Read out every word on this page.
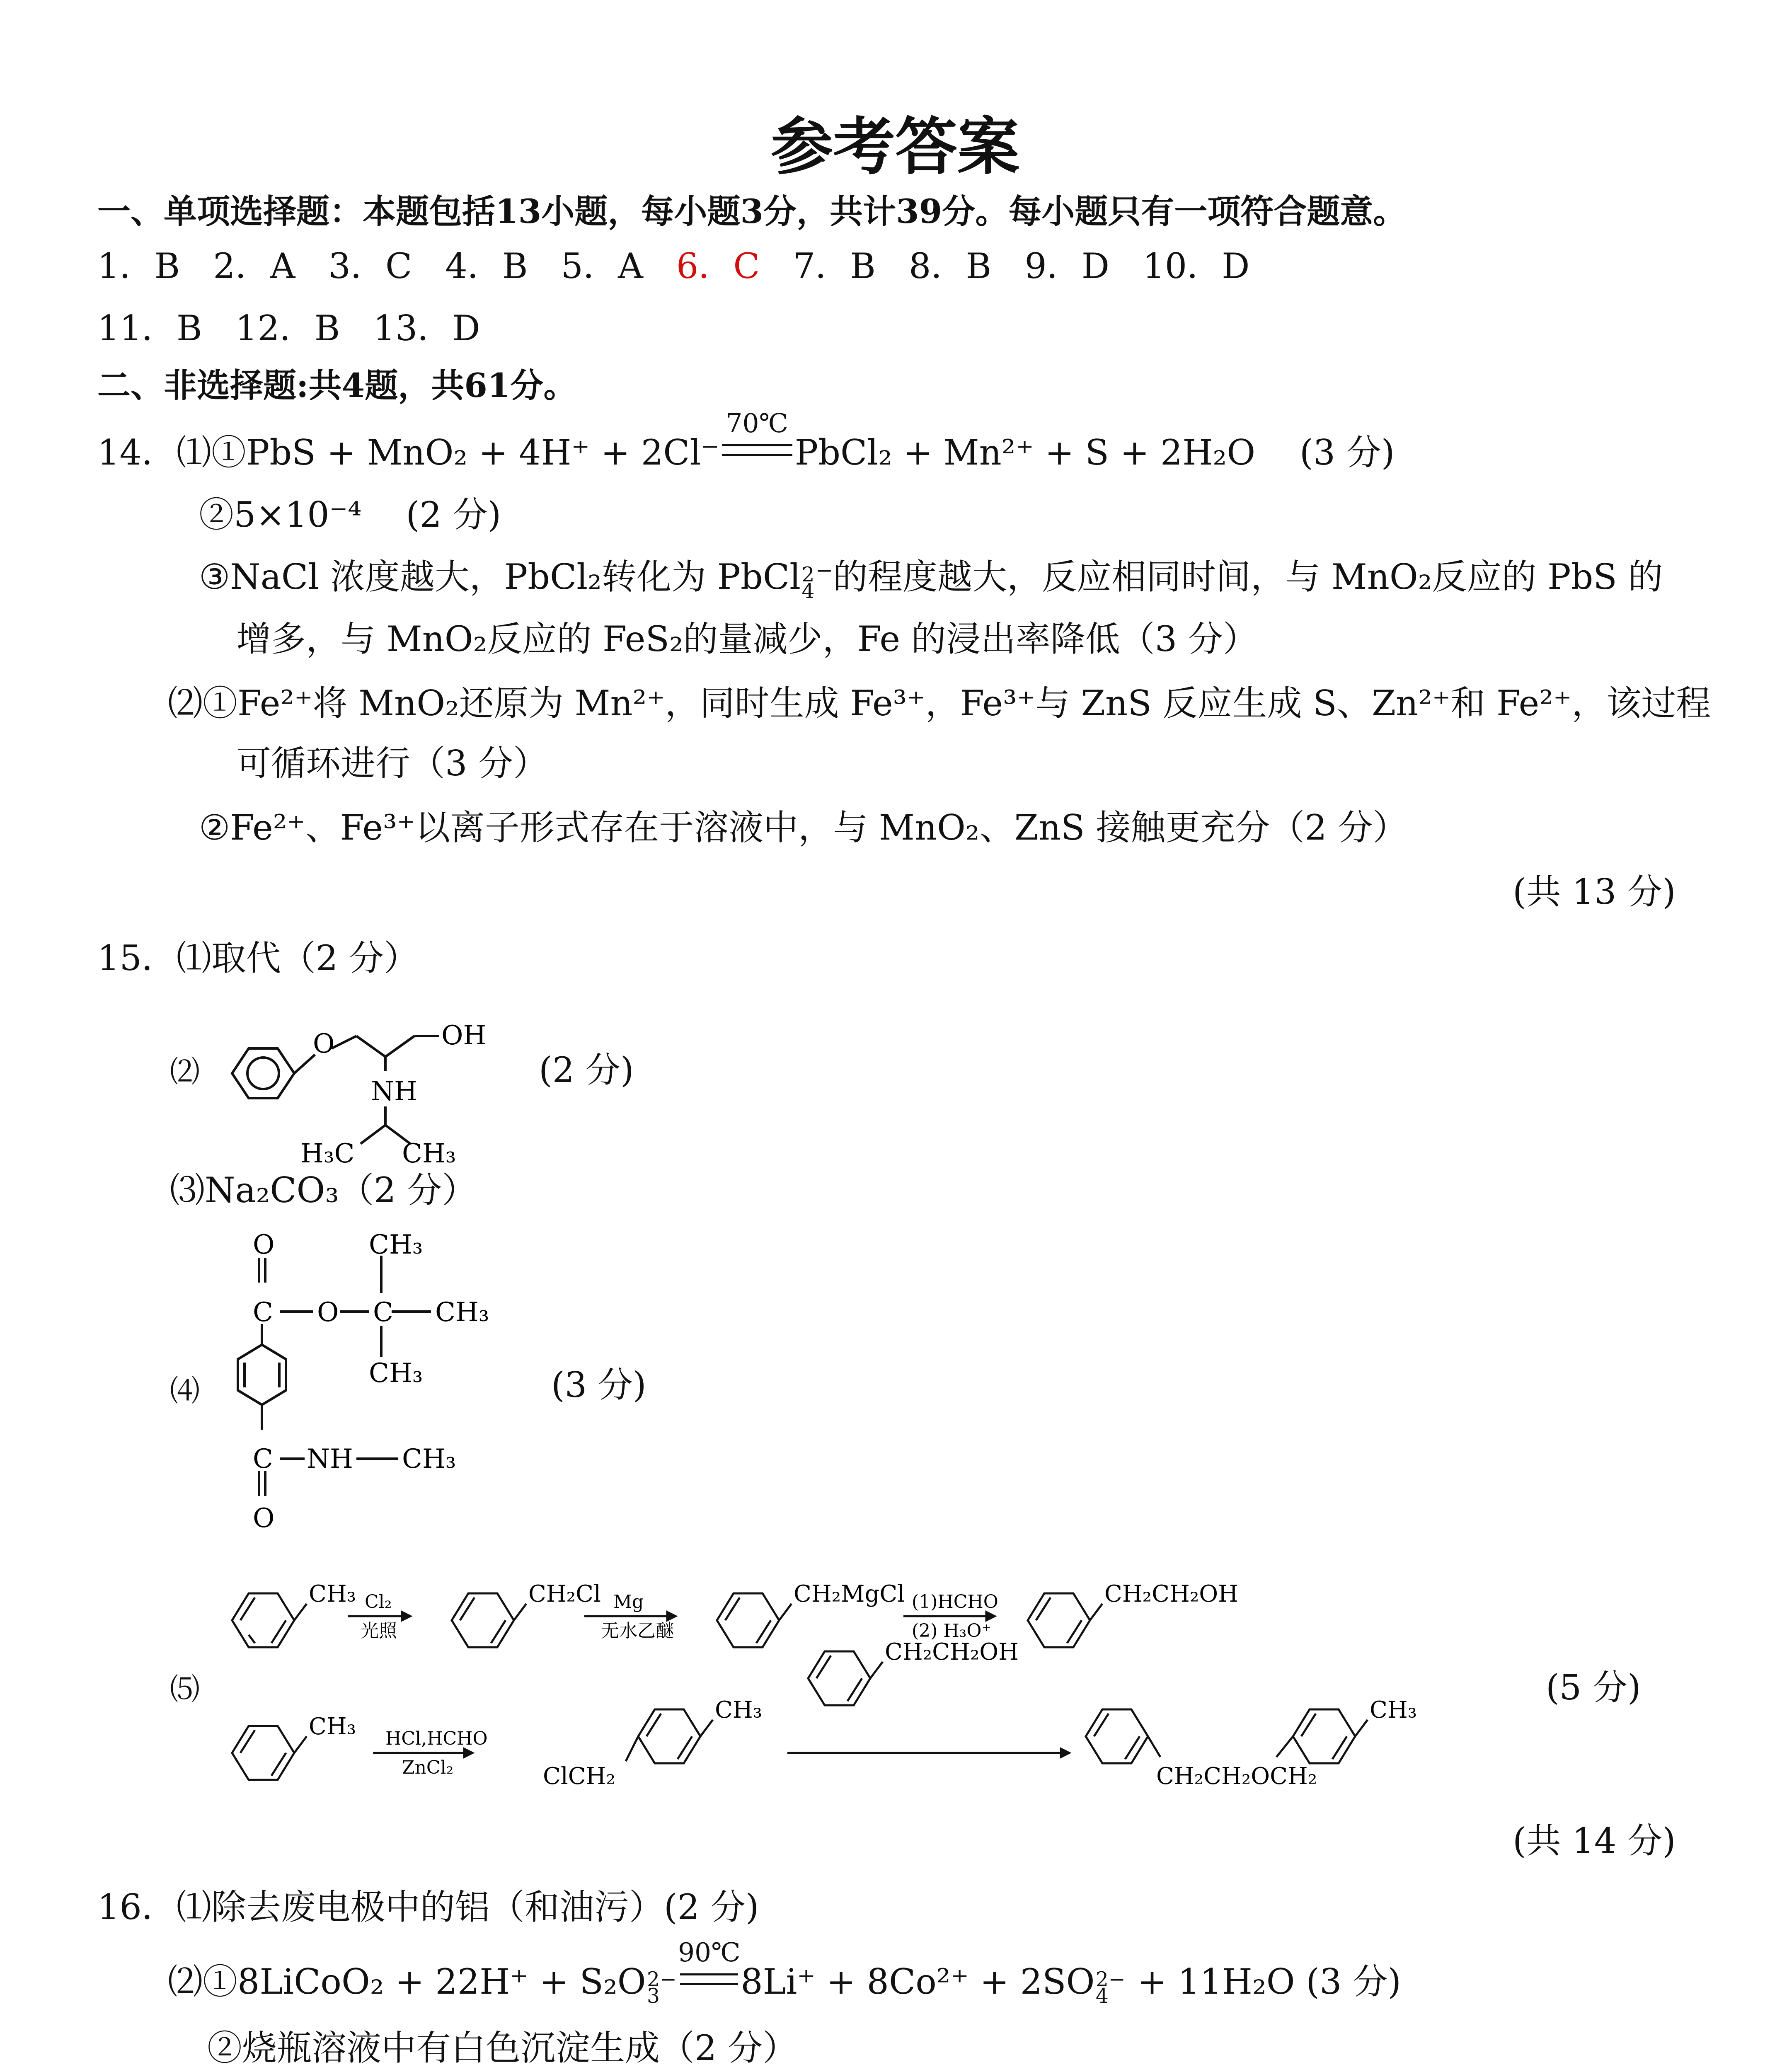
参考答案
一、单项选择题：本题包括13小题，每小题3分，共计39分。每小题只有一项符合题意。
1．B 2．A 3．C 4．B 5．A 6．C 7．B 8．B 9．D 10．D
11．B 12．B 13．D
二、非选择题:共4题，共61分。
14．⑴①PbS + MnO₂ + 4H⁺ + 2Cl⁻
70℃
PbCl₂ + Mn²⁺ + S + 2H₂O (3 分)
②5×10⁻⁴ (2 分)
③NaCl 浓度越大，PbCl₂转化为 PbCl 2
4
−的程度越大，反应相同时间，与 MnO₂反应的 PbS 的
增多，与 MnO₂反应的 FeS₂的量减少，Fe 的浸出率降低（3 分）
⑵①Fe²⁺将 MnO₂还原为 Mn²⁺，同时生成 Fe³⁺，Fe³⁺与 ZnS 反应生成 S、Zn²⁺和 Fe²⁺，该过程
可循环进行（3 分）
②Fe²⁺、Fe³⁺以离子形式存在于溶液中，与 MnO₂、ZnS 接触更充分（2 分）
(共 13 分)
15．⑴取代（2 分）
⑵
O	OH
NH
H₃C CH₃
(2 分)
⑶Na₂CO₃（2 分）
⑷
O
C O C
CH₃
CH₃
CH₃
C NH CH₃
O
(3 分)
⑸
CH₃ Cl₂
光照
CH₂Cl Mg
无水乙醚
CH₂MgCl (1)HCHO
(2) H₃O⁺
CH₂CH₂OH
CH₃ HCl,HCHO
ZnCl₂
CH₃
ClCH₂
CH₂CH₂OH
CH₂CH₂OCH₂
CH₃
(5 分)
(共 14 分)
16．⑴除去废电极中的铝（和油污）(2 分)
⑵①8LiCoO₂ + 22H⁺ + S₂O 2−
3
90℃
8Li⁺ + 8Co²⁺ + 2SO 2−
4 + 11H₂O (3 分)
②烧瓶溶液中有白色沉淀生成（2 分）
